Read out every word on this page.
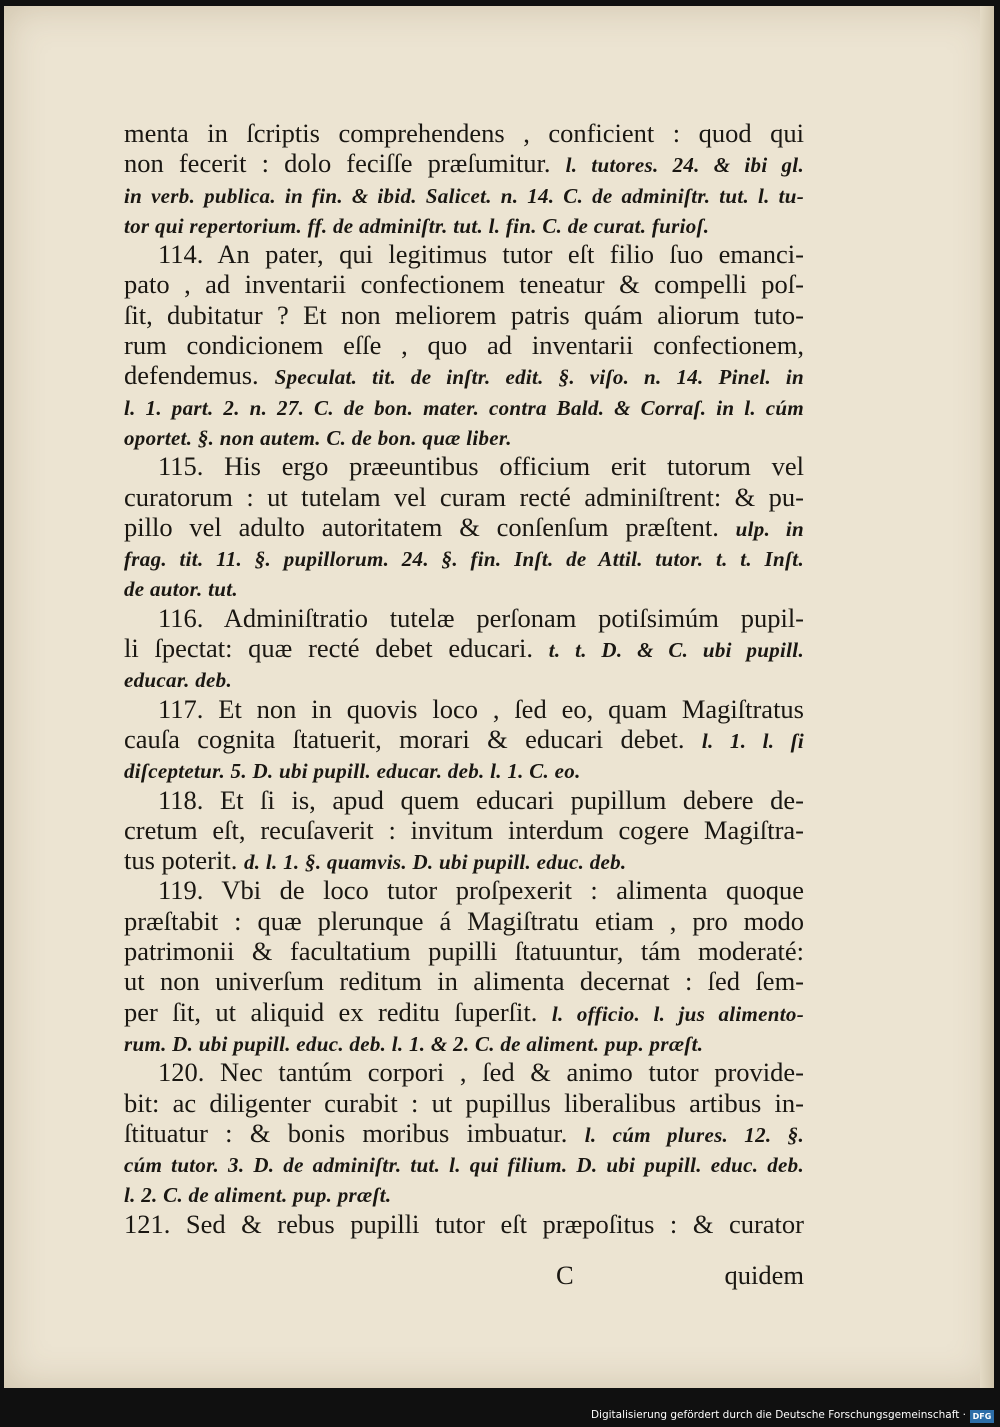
menta in ſcriptis comprehendens , conficient : quod qui
non fecerit : dolo feciſſe præſumitur. l. tutores. 24. & ibi gl.
in verb. publica. in fin. & ibid. Salicet. n. 14. C. de adminiſtr. tut. l. tu-
tor qui repertorium. ff. de adminiſtr. tut. l. fin. C. de curat. furioſ.
114. An pater, qui legitimus tutor eſt filio ſuo emanci-
pato , ad inventarii confectionem teneatur & compelli poſ-
ſit, dubitatur ? Et non meliorem patris quám aliorum tuto-
rum condicionem eſſe , quo ad inventarii confectionem,
defendemus. Speculat. tit. de inſtr. edit. §. viſo. n. 14. Pinel. in
l. 1. part. 2. n. 27. C. de bon. mater. contra Bald. & Corraſ. in l. cúm
oportet. §. non autem. C. de bon. quæ liber.
115. His ergo præeuntibus officium erit tutorum vel
curatorum : ut tutelam vel curam recté adminiſtrent: & pu-
pillo vel adulto autoritatem & conſenſum præſtent. ulp. in
frag. tit. 11. §. pupillorum. 24. §. fin. Inſt. de Attil. tutor. t. t. Inſt.
de autor. tut.
116. Adminiſtratio tutelæ perſonam potiſsimúm pupil-
li ſpectat: quæ recté debet educari. t. t. D. & C. ubi pupill.
educar. deb.
117. Et non in quovis loco , ſed eo, quam Magiſtratus
cauſa cognita ſtatuerit, morari & educari debet. l. 1. l. ſi
diſceptetur. 5. D. ubi pupill. educar. deb. l. 1. C. eo.
118. Et ſi is, apud quem educari pupillum debere de-
cretum eſt, recuſaverit : invitum interdum cogere Magiſtra-
tus poterit. d. l. 1. §. quamvis. D. ubi pupill. educ. deb.
119. Vbi de loco tutor proſpexerit : alimenta quoque
præſtabit : quæ plerunque á Magiſtratu etiam , pro modo
patrimonii & facultatium pupilli ſtatuuntur, tám moderaté:
ut non univerſum reditum in alimenta decernat : ſed ſem-
per ſit, ut aliquid ex reditu ſuperſit. l. officio. l. jus alimento-
rum. D. ubi pupill. educ. deb. l. 1. & 2. C. de aliment. pup. præſt.
120. Nec tantúm corpori , ſed & animo tutor provide-
bit: ac diligenter curabit : ut pupillus liberalibus artibus in-
ſtituatur : & bonis moribus imbuatur. l. cúm plures. 12. §.
cúm tutor. 3. D. de adminiſtr. tut. l. qui filium. D. ubi pupill. educ. deb.
l. 2. C. de aliment. pup. præſt.
121. Sed & rebus pupilli tutor eſt præpoſitus : & curator
C	quidem
Digitalisierung gefördert durch die Deutsche Forschungsgemeinschaft · DFG
